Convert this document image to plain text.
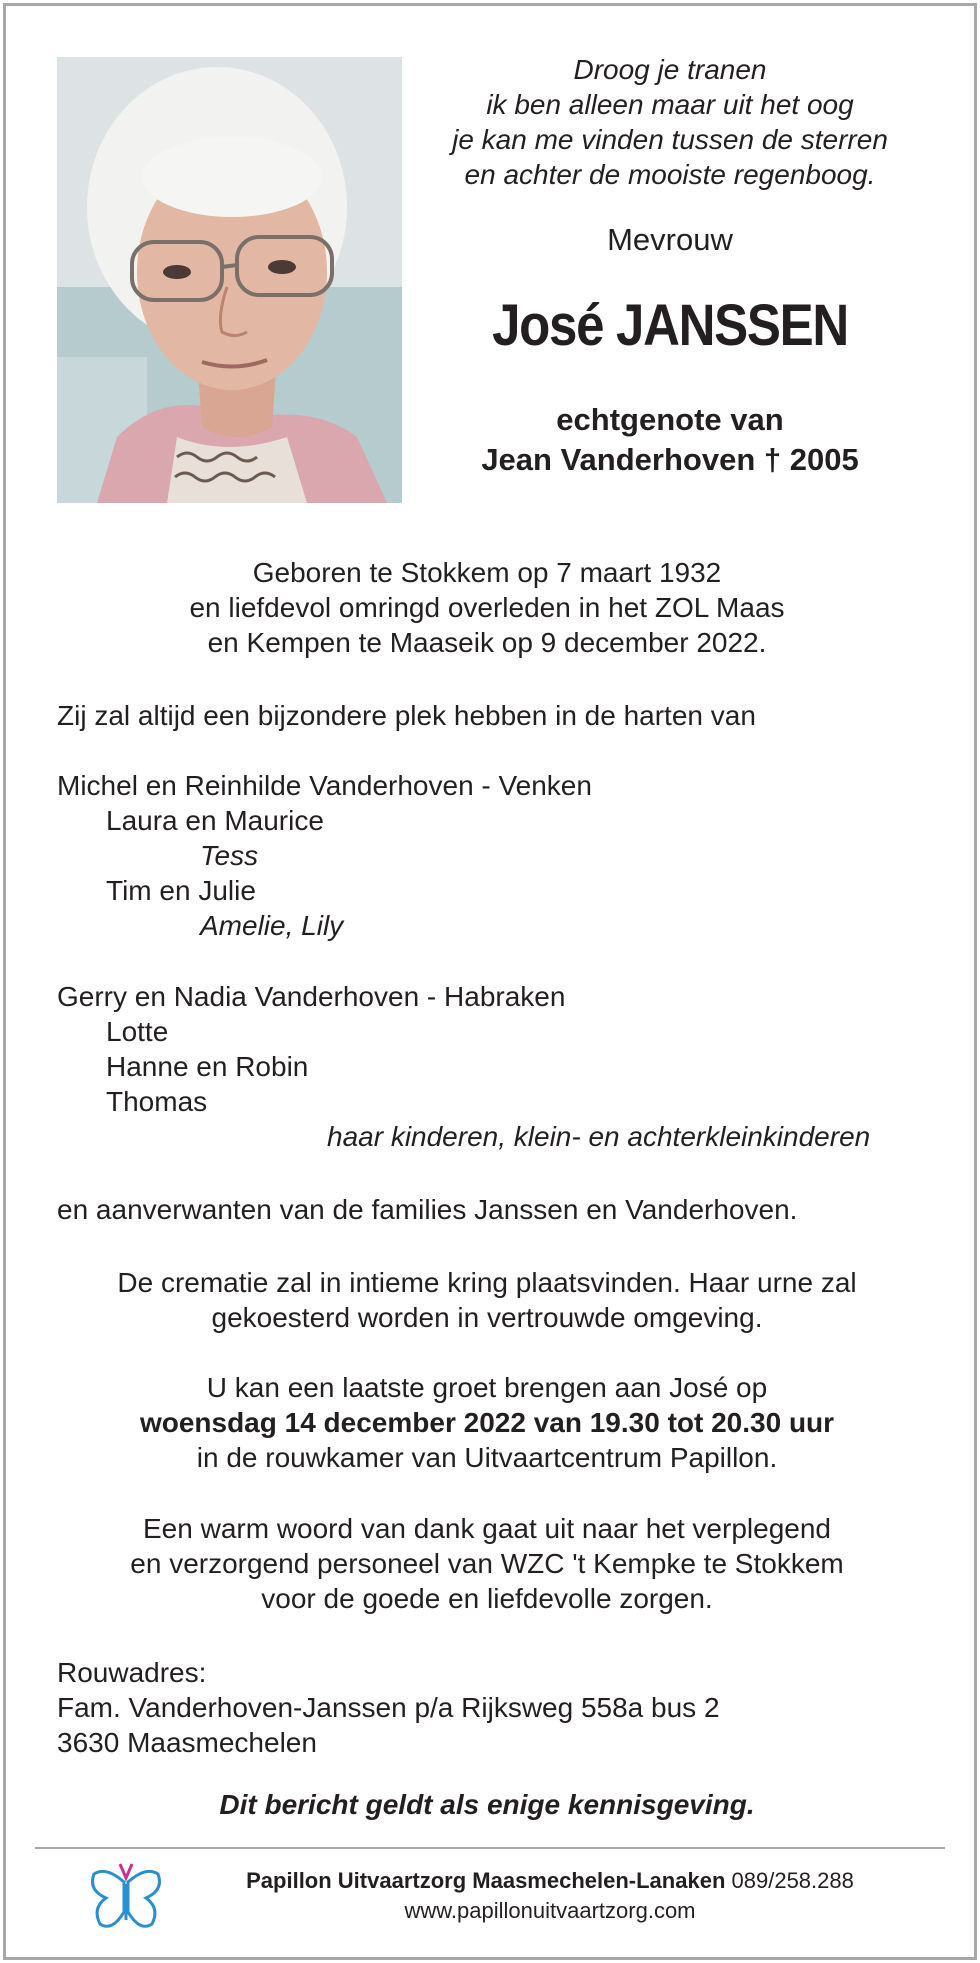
Droog je tranen
ik ben alleen maar uit het oog
je kan me vinden tussen de sterren
en achter de mooiste regenboog.
Mevrouw
José JANSSEN
echtgenote van
Jean Vanderhoven † 2005
Geboren te Stokkem op 7 maart 1932
en liefdevol omringd overleden in het ZOL Maas
en Kempen te Maaseik op 9 december 2022.
Zij zal altijd een bijzondere plek hebben in de harten van
Michel en Reinhilde Vanderhoven - Venken
Laura en Maurice
Tess
Tim en Julie
Amelie, Lily
Gerry en Nadia Vanderhoven - Habraken
Lotte
Hanne en Robin
Thomas
haar kinderen, klein- en achterkleinkinderen
en aanverwanten van de families Janssen en Vanderhoven.
De crematie zal in intieme kring plaatsvinden. Haar urne zal
gekoesterd worden in vertrouwde omgeving.
U kan een laatste groet brengen aan José op
woensdag 14 december 2022 van 19.30 tot 20.30 uur
in de rouwkamer van Uitvaartcentrum Papillon.
Een warm woord van dank gaat uit naar het verplegend
en verzorgend personeel van WZC 't Kempke te Stokkem
voor de goede en liefdevolle zorgen.
Rouwadres:
Fam. Vanderhoven-Janssen p/a Rijksweg 558a bus 2
3630 Maasmechelen
Dit bericht geldt als enige kennisgeving.
Papillon Uitvaartzorg Maasmechelen-Lanaken 089/258.288
www.papillonuitvaartzorg.com
